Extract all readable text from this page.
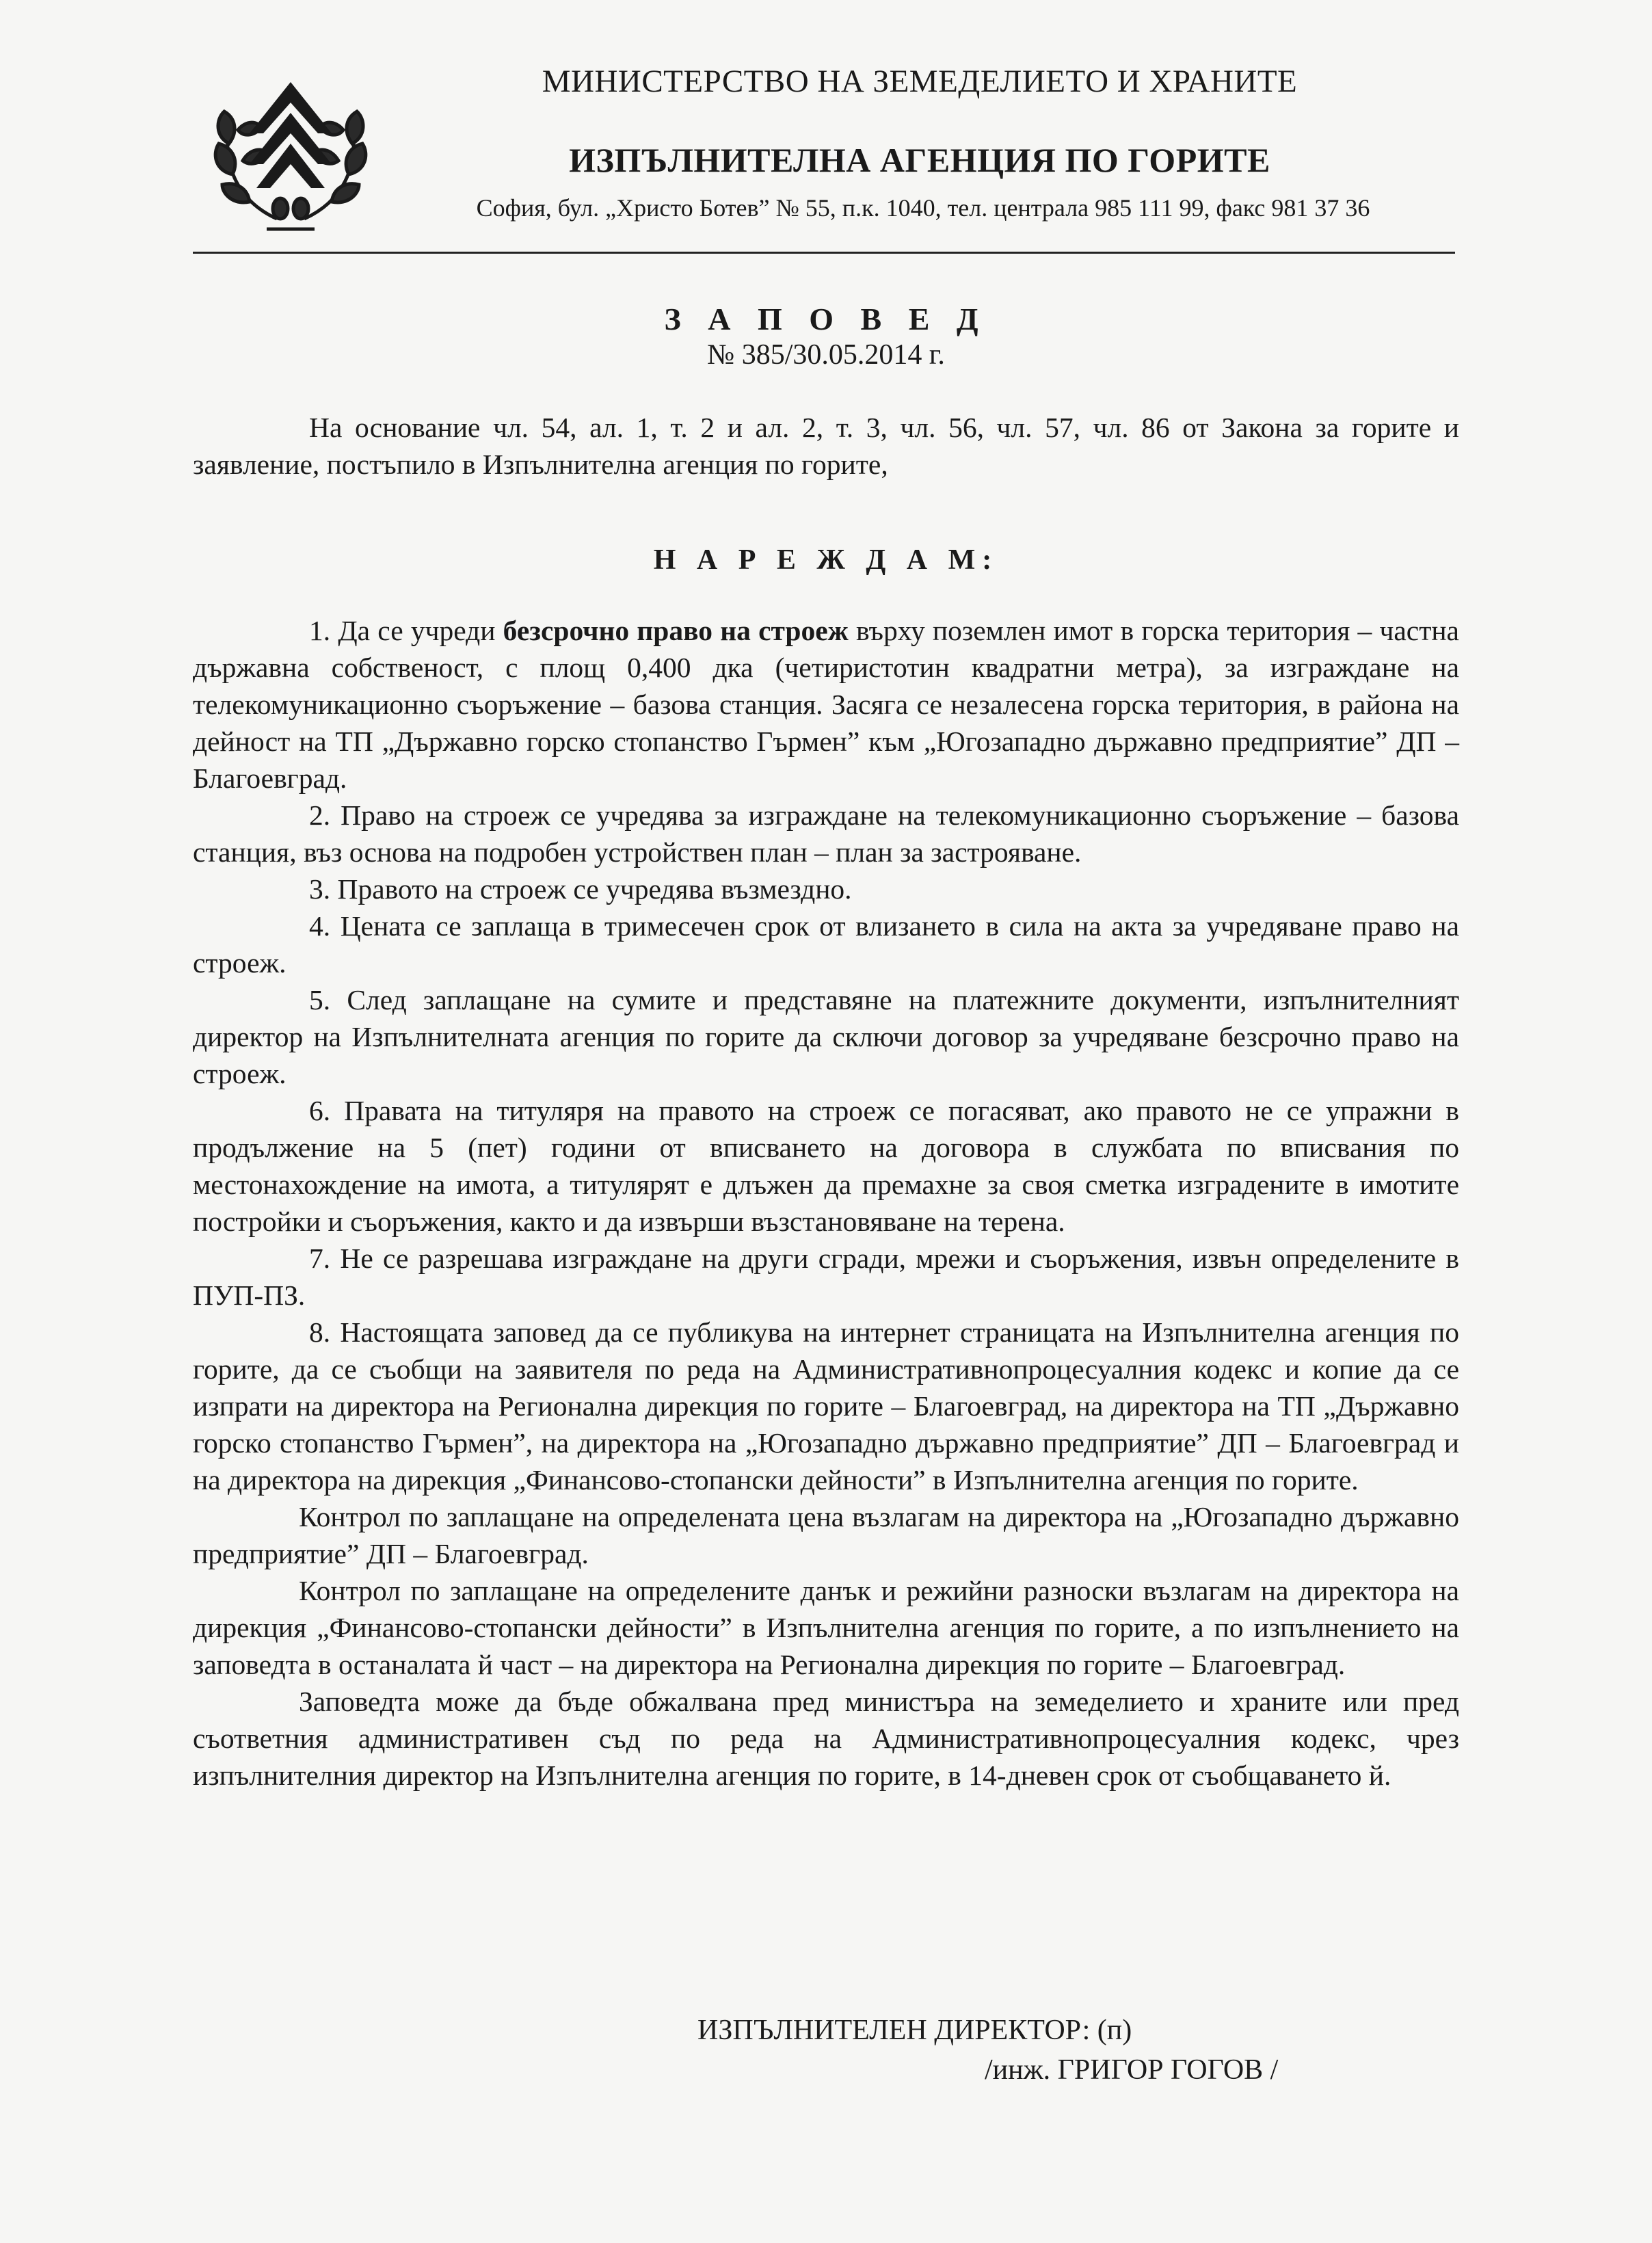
МИНИСТЕРСТВО НА ЗЕМЕДЕЛИЕТО И ХРАНИТЕ
ИЗПЪЛНИТЕЛНА АГЕНЦИЯ ПО ГОРИТЕ
София, бул. „Христо Ботев” № 55, п.к. 1040, тел. централа 985 111 99, факс 981 37 36
З А П О В Е Д
№ 385/30.05.2014 г.

На основание чл. 54, ал. 1, т. 2 и ал. 2, т. 3, чл. 56, чл. 57, чл. 86 от Закона за горите и заявление, постъпило в Изпълнителна агенция по горите,

Н А Р Е Ж Д А М:

1. Да се учреди безсрочно право на строеж върху поземлен имот в горска територия – частна държавна собственост, с площ 0,400 дка (четиристотин квадратни метра), за изграждане на телекомуникационно съоръжение – базова станция. Засяга се незалесена горска територия, в района на дейност на ТП „Държавно горско стопанство Гърмен” към „Югозападно държавно предприятие” ДП – Благоевград.

2. Право на строеж се учредява за изграждане на телекомуникационно съоръжение – базова станция, въз основа на подробен устройствен план – план за застрояване.

3. Правото на строеж се учредява възмездно.

4. Цената се заплаща в тримесечен срок от влизането в сила на акта за учредяване право на строеж.

5. След заплащане на сумите и представяне на платежните документи, изпълнителният директор на Изпълнителната агенция по горите да сключи договор за учредяване безсрочно право на строеж.

6. Правата на титуляря на правото на строеж се погасяват, ако правото не се упражни в продължение на 5 (пет) години от вписването на договора в службата по вписвания по местонахождение на имота, а титулярят е длъжен да премахне за своя сметка изградените в имотите постройки и съоръжения, както и да извърши възстановяване на терена.

7. Не се разрешава изграждане на други сгради, мрежи и съоръжения, извън определените в ПУП-ПЗ.

8. Настоящата заповед да се публикува на интернет страницата на Изпълнителна агенция по горите, да се съобщи на заявителя по реда на Административнопроцесуалния кодекс и копие да се изпрати на директора на Регионална дирекция по горите – Благоевград, на директора на ТП „Държавно горско стопанство Гърмен”, на директора на „Югозападно държавно предприятие” ДП – Благоевград и на директора на дирекция „Финансово-стопански дейности” в Изпълнителна агенция по горите.

Контрол по заплащане на определената цена възлагам на директора на „Югозападно държавно предприятие” ДП – Благоевград.

Контрол по заплащане на определените данък и режийни разноски възлагам на директора на дирекция „Финансово-стопански дейности” в Изпълнителна агенция по горите, а по изпълнението на заповедта в останалата й част – на директора на Регионална дирекция по горите – Благоевград.

Заповедта може да бъде обжалвана пред министъра на земеделието и храните или пред съответния административен съд по реда на Административнопроцесуалния кодекс, чрез изпълнителния директор на Изпълнителна агенция по горите, в 14-дневен срок от съобщаването й.

ИЗПЪЛНИТЕЛЕН ДИРЕКТОР: (п)
/инж. ГРИГОР ГОГОВ /
